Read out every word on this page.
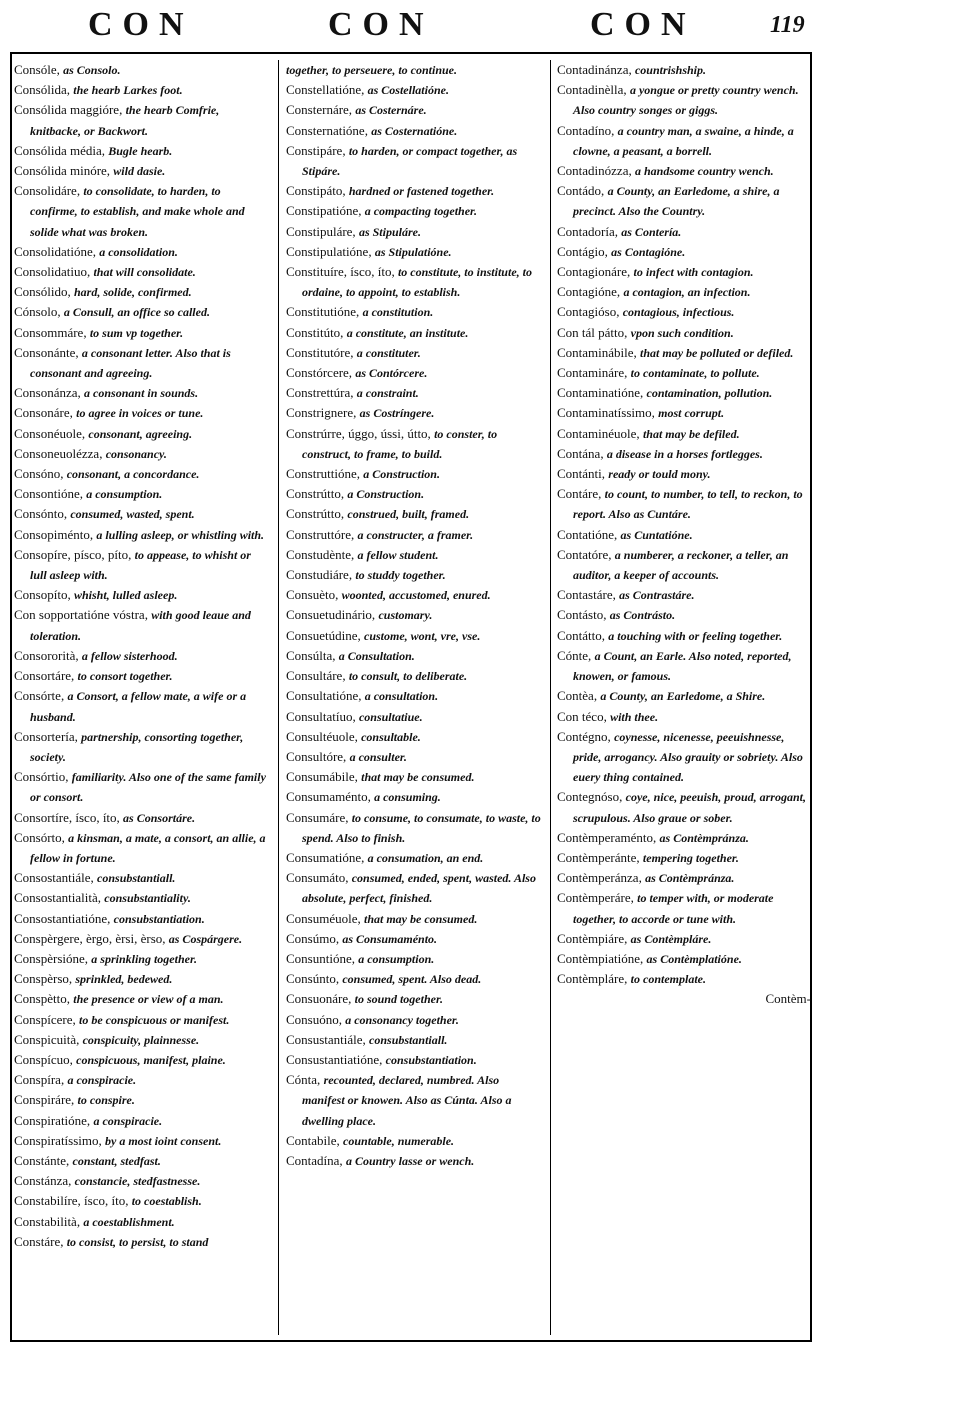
CON	CON	CON	119

Consóle, as Consolo.

Consólida, the hearb Larkes foot.

Consólida maggióre, the hearb Comfrie, knitbacke, or Backwort.

Consólida média, Bugle hearb.

Consólida minóre, wild dasie.

Consolidáre, to consolidate, to harden, to confirme, to establish, and make whole and solide what was broken.

Consolidatióne, a consolidation.

Consolidatiuo, that will consolidate.

Consólido, hard, solide, confirmed.

Cónsolo, a Consull, an office so called.

Consommáre, to sum vp together.

Consonánte, a consonant letter. Also that is consonant and agreeing.

Consonánza, a consonant in sounds.

Consonáre, to agree in voices or tune.

Consonéuole, consonant, agreeing.

Consoneuolézza, consonancy.

Consóno, consonant, a concordance.

Consontióne, a consumption.

Consónto, consumed, wasted, spent.

Consopiménto, a lulling asleep, or whistling with.

Consopíre, písco, píto, to appease, to whisht or lull asleep with.

Consopíto, whisht, lulled asleep.

Con sopportatióne vóstra, with good leaue and toleration.

Consororità, a fellow sisterhood.

Consortáre, to consort together.

Consórte, a Consort, a fellow mate, a wife or a husband.

Consortería, partnership, consorting together, society.

Consórtio, familiarity. Also one of the same family or consort.

Consortíre, ísco, íto, as Consortáre.

Consórto, a kinsman, a mate, a consort, an allie, a fellow in fortune.

Consostantiále, consubstantiall.

Consostantialità, consubstantiality.

Consostantiatióne, consubstantiation.

Conspèrgere, èrgo, èrsi, èrso, as Cospárgere.

Conspèrsióne, a sprinkling together.

Conspèrso, sprinkled, bedewed.

Conspètto, the presence or view of a man.

Conspícere, to be conspicuous or manifest.

Conspicuità, conspicuity, plainnesse.

Conspícuo, conspicuous, manifest, plaine.

Conspíra, a conspiracie.

Conspiráre, to conspire.

Conspiratióne, a conspiracie.

Conspiratíssimo, by a most ioint consent.

Constánte, constant, stedfast.

Constánza, constancie, stedfastnesse.

Constabilíre, ísco, íto, to coestablish.

Constabilità, a coestablishment.

Constáre, to consist, to persist, to stand

together, to perseuere, to continue.

Constellatióne, as Costellatióne.

Consternáre, as Costernáre.

Consternatióne, as Costernatióne.

Constipáre, to harden, or compact together, as Stipáre.

Constipáto, hardned or fastened together.

Constipatióne, a compacting together.

Constipuláre, as Stipuláre.

Constipulatióne, as Stipulatióne.

Constituíre, ísco, íto, to constitute, to institute, to ordaine, to appoint, to establish.

Constitutióne, a constitution.

Constitúto, a constitute, an institute.

Constitutóre, a constituter.

Constórcere, as Contórcere.

Constrettúra, a constraint.

Constrignere, as Costríngere.

Constrúrre, úggo, ússi, útto, to conster, to construct, to frame, to build.

Construttióne, a Construction.

Constrútto, a Construction.

Constrútto, construed, built, framed.

Construttóre, a constructer, a framer.

Constudènte, a fellow student.

Constudiáre, to studdy together.

Consuèto, woonted, accustomed, enured.

Consuetudinário, customary.

Consuetúdine, custome, wont, vre, vse.

Consúlta, a Consultation.

Consultáre, to consult, to deliberate.

Consultatióne, a consultation.

Consultatíuo, consultatiue.

Consultéuole, consultable.

Consultóre, a consulter.

Consumábile, that may be consumed.

Consumaménto, a consuming.

Consumáre, to consume, to consumate, to waste, to spend. Also to finish.

Consumatióne, a consumation, an end.

Consumáto, consumed, ended, spent, wasted. Also absolute, perfect, finished.

Consuméuole, that may be consumed.

Consúmo, as Consumaménto.

Consuntióne, a consumption.

Consúnto, consumed, spent. Also dead.

Consuonáre, to sound together.

Consuóno, a consonancy together.

Consustantiále, consubstantiall.

Consustantiatióne, consubstantiation.

Cónta, recounted, declared, numbred. Also manifest or knowen. Also as Cúnta. Also a dwelling place.

Contabile, countable, numerable.

Contadína, a Country lasse or wench.

Contadinánza, countrishship.

Contadinèlla, a yongue or pretty country wench. Also country songes or giggs.

Contadíno, a country man, a swaine, a hinde, a clowne, a peasant, a borrell.

Contadinózza, a handsome country wench.

Contádo, a County, an Earledome, a shire, a precinct. Also the Country.

Contadoría, as Contería.

Contágio, as Contagióne.

Contagionáre, to infect with contagion.

Contagióne, a contagion, an infection.

Contagióso, contagious, infectious.

Con tál pátto, vpon such condition.

Contaminábile, that may be polluted or defiled.

Contamináre, to contaminate, to pollute.

Contaminatióne, contamination, pollution.

Contaminatíssimo, most corrupt.

Contaminéuole, that may be defiled.

Contána, a disease in a horses fortlegges.

Contánti, ready or tould mony.

Contáre, to count, to number, to tell, to reckon, to report. Also as Cuntáre.

Contatióne, as Cuntatióne.

Contatóre, a numberer, a reckoner, a teller, an auditor, a keeper of accounts.

Contastáre, as Contrastáre.

Contásto, as Contrásto.

Contátto, a touching with or feeling together.

Cónte, a Count, an Earle. Also noted, reported, knowen, or famous.

Contèa, a County, an Earledome, a Shire.

Con téco, with thee.

Contégno, coynesse, nicenesse, peeuishnesse, pride, arrogancy. Also grauity or sobriety. Also euery thing contained.

Contegnóso, coye, nice, peeuish, proud, arrogant, scrupulous. Also graue or sober.

Contèmperaménto, as Contèmpránza.

Contèmperánte, tempering together.

Contèmperánza, as Contèmpránza.

Contèmperáre, to temper with, or moderate together, to accorde or tune with.

Contèmpiáre, as Contèmpláre.

Contèmpiatióne, as Contèmplatióne.

Contèmpláre, to contemplate.

Contèm-
